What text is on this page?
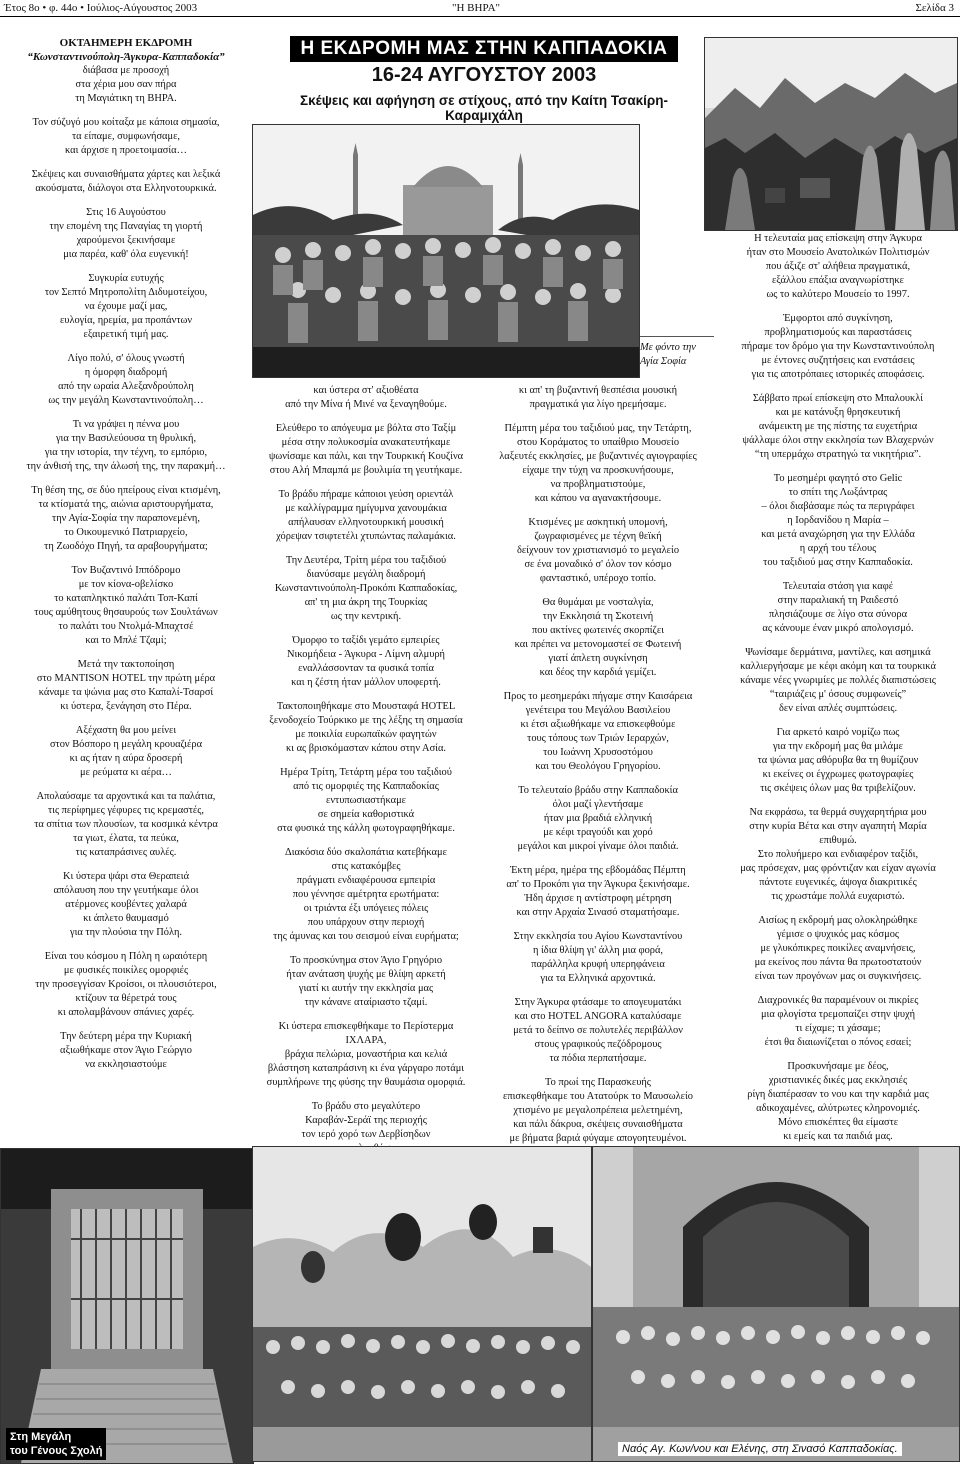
Έτος 8ο • φ. 44ο • Ιούλιος-Αύγουστος 2003	"Η ΒΗΡΑ"	Σελίδα 3
ΟΚΤΑΗΜΕΡΗ ΕΚΔΡΟΜΗ
“Κωνσταντινούπολη-Άγκυρα-Καππαδοκία”

διάβασα με προσοχή
στα χέρια μου σαν πήρα
τη Μαγιάτικη τη ΒΗΡΑ.

Τον σύζυγό μου κοίταξα με κάποια σημασία,
τα είπαμε, συμφωνήσαμε,
και άρχισε η προετοιμασία…

Σκέψεις και συναισθήματα χάρτες και λεξικά
ακούσματα, διάλογοι στα Ελληνοτουρκικά.

Στις 16 Αυγούστου
την επομένη της Παναγίας τη γιορτή
χαρούμενοι ξεκινήσαμε
μια παρέα, καθ' όλα ευγενική!

Συγκυρία ευτυχής
τον Σεπτό Μητροπολίτη Διδυμοτείχου,
να έχουμε μαζί μας,
ευλογία, ηρεμία, μα προπάντων
εξαιρετική τιμή μας.

Λίγο πολύ, σ' όλους γνωστή
η όμορφη διαδρομή
από την ωραία Αλεξανδρούπολη
ως την μεγάλη Κωνσταντινούπολη…

Τι να γράψει η πέννα μου
για την Βασιλεύουσα τη θρυλική,
για την ιστορία, την τέχνη, το εμπόριο,
την άνθισή της, την άλωσή της, την παρακμή…

Τη θέση της, σε δύο ηπείρους είναι κτισμένη,
τα κτίσματά της, αιώνια αριστουργήματα,
την Αγία-Σοφία την παραπονεμένη,
το Οικουμενικό Πατριαρχείο,
τη Ζωοδόχο Πηγή, τα αραβουργήματα;

Τον Βυζαντινό Ιππόδρομο
με τον κίονα-οβελίσκο
το καταπληκτικό παλάτι Τοπ-Καπί
τους αμύθητους θησαυρούς των Σουλτάνων
το παλάτι του Ντολμά-Μπαχτσέ
και το Μπλέ Τζαμί;

Μετά την τακτοποίηση
στο MANTISON HOTEL την πρώτη μέρα
κάναμε τα ψώνια μας στο Καπαλί-Τσαρσί
κι ύστερα, ξενάγηση στο Πέρα.

Αξέχαστη θα μου μείνει
στον Βόσπορο η μεγάλη κρουαζιέρα
κι ας ήταν η αύρα δροσερή
με ρεύματα κι αέρα…

Απολαύσαμε τα αρχοντικά και τα παλάτια,
τις περίφημες γέφυρες τις κρεμαστές,
τα σπίτια των πλουσίων, τα κοσμικά κέντρα
τα γιωτ, έλατα, τα πεύκα,
τις καταπράσινες αυλές.

Κι ύστερα ψάρι στα Θεραπειά
απόλαυση που την γευτήκαμε όλοι
ατέρμονες κουβέντες χαλαρά
κι άπλετο θαυμασμό
για την πλούσια την Πόλη.

Είναι του κόσμου η Πόλη η ωραιότερη
με φυσικές ποικίλες ομορφιές
την προσεγγίσαν Κροίσοι, οι πλουσιότεροι,
κτίζουν τα θέρετρά τους
κι απολαμβάνουν σπάνιες χαρές.

Την δεύτερη μέρα την Κυριακή
αξιωθήκαμε στον Άγιο Γεώργιο
να εκκλησιαστούμε

Η ΕΚΔΡΟΜΗ ΜΑΣ ΣΤΗΝ ΚΑΠΠΑΔΟΚΙΑ
16-24 ΑΥΓΟΥΣΤΟΥ 2003
Σκέψεις και αφήγηση σε στίχους, από την Καίτη Τσακίρη-Καραμιχάλη
Με φόντο την
Αγία Σοφία

και ύστερα στ' αξιοθέατα
από την Μίνα ή Μινέ να ξεναγηθούμε.

Ελεύθερο το απόγευμα με βόλτα στο Ταξίμ
μέσα στην πολυκοσμία ανακατευτήκαμε
ψωνίσαμε και πάλι, και την Τουρκική Κουζίνα
στου Αλή Μπαμπά με βουλιμία τη γευτήκαμε.

Το βράδυ πήραμε κάποιοι γεύση οριεντάλ
με καλλίγραμμα ημίγυμνα χανουμάκια
απήλαυσαν ελληνοτουρκική μουσική
χόρεψαν τσιφτετέλι χτυπώντας παλαμάκια.

Την Δευτέρα, Τρίτη μέρα του ταξιδιού
διανύσαμε μεγάλη διαδρομή
Κωνσταντινούπολη-Προκόπι Καππαδοκίας,
απ' τη μια άκρη της Τουρκίας
ως την κεντρική.

Όμορφο το ταξίδι γεμάτο εμπειρίες
Νικομήδεια - Άγκυρα - Λίμνη αλμυρή
εναλλάσσονταν τα φυσικά τοπία
και η ζέστη ήταν μάλλον υποφερτή.

Τακτοποιηθήκαμε στο Μουσταφά HOTEL
ξενοδοχείο Τούρκικο με της λέξης τη σημασία
με ποικιλία ευρωπαϊκών φαγητών
κι ας βρισκόμασταν κάπου στην Ασία.

Ημέρα Τρίτη, Τετάρτη μέρα του ταξιδιού
από τις ομορφιές της Καππαδοκίας
εντυπωσιαστήκαμε
σε σημεία καθοριστικά
στα φυσικά της κάλλη φωτογραφηθήκαμε.

Διακόσια δύο σκαλοπάτια κατεβήκαμε
στις κατακόμβες
πράγματι ενδιαφέρουσα εμπειρία
που γέννησε αμέτρητα ερωτήματα:
οι τριάντα έξι υπόγειες πόλεις
που υπάρχουν στην περιοχή
της άμυνας και του σεισμού είναι ευρήματα;

Το προσκύνημα στον Άγιο Γρηγόριο
ήταν ανάταση ψυχής με θλίψη αρκετή
γιατί κι αυτήν την εκκλησία μας
την κάνανε αταίριαστο τζαμί.

Κι ύστερα επισκεφθήκαμε το Περίστερμα
ΙΧΛΑΡΑ,
βράχια πελώρια, μοναστήρια και κελιά
βλάστηση καταπράσινη κι ένα γάργαρο ποτάμι
συμπλήρωνε της φύσης την θαυμάσια ομορφιά.

Το βράδυ στο μεγαλύτερο
Καραβάν-Σεράϊ της περιοχής
τον ιερό χορό των Δερβίσηδων

κι απ' τη βυζαντινή θεσπέσια μουσική
πραγματικά για λίγο ηρεμήσαμε.

Πέμπτη μέρα του ταξιδιού μας, την Τετάρτη,
στου Κοράματος το υπαίθριο Μουσείο
λαξευτές εκκλησίες, με βυζαντινές αγιογραφίες
είχαμε την τύχη να προσκυνήσουμε,
να προβληματιστούμε,
και κάπου να αγανακτήσουμε.

Κτισμένες με ασκητική υπομονή,
ζωγραφισμένες με τέχνη θεϊκή
δείχνουν τον χριστιανισμό το μεγαλείο
σε ένα μοναδικό σ' όλον τον κόσμο
φανταστικό, υπέροχο τοπίο.

Θα θυμάμαι με νοσταλγία,
την Εκκλησιά τη Σκοτεινή
που ακτίνες φωτεινές σκορπίζει
και πρέπει να μετονομαστεί σε Φωτεινή
γιατί άπλετη συγκίνηση
και δέος την καρδιά γεμίζει.

Προς το μεσημεράκι πήγαμε στην Καισάρεια
γενέτειρα του Μεγάλου Βασιλείου
κι έτσι αξιωθήκαμε να επισκεφθούμε
τους τόπους των Τριών Ιεραρχών,
του Ιωάννη Χρυσοστόμου
και του Θεολόγου Γρηγορίου.

Το τελευταίο βράδυ στην Καππαδοκία
όλοι μαζί γλεντήσαμε
ήταν μια βραδιά ελληνική
με κέφι τραγούδι και χορό
μεγάλοι και μικροί γίναμε όλοι παιδιά.

Έκτη μέρα, ημέρα της εβδομάδας Πέμπτη
απ' το Προκόπι για την Άγκυρα ξεκινήσαμε.
Ήδη άρχισε η αντίστροφη μέτρηση
και στην Αρχαία Σινασό σταματήσαμε.

Στην εκκλησία του Αγίου Κωνσταντίνου
η ίδια θλίψη γι' άλλη μια φορά,
παράλληλα κρυφή υπερηφάνεια
για τα Ελληνικά αρχοντικά.

Στην Άγκυρα φτάσαμε το απογευματάκι
και στο HOTEL ANGORA καταλύσαμε
μετά το δείπνο σε πολυτελές περιβάλλον
στους γραφικούς πεζόδρομους
τα πόδια περπατήσαμε.

Το πρωί της Παρασκευής
επισκεφθήκαμε του Ατατούρκ το Μαυσωλείο
χτισμένο με μεγαλοπρέπεια μελετημένη,
και πάλι δάκρυα, σκέψεις συναισθήματα
με βήματα βαριά φύγαμε απογοητευμένοι.

Η τελευταία μας επίσκεψη στην Άγκυρα
ήταν στο Μουσείο Ανατολικών Πολιτισμών
που άξιζε στ' αλήθεια πραγματικά,
εξάλλου επάξια αναγνωρίστηκε
ως το καλύτερο Μουσείο το 1997.

Έμφορτοι από συγκίνηση,
προβληματισμούς και παραστάσεις
πήραμε τον δρόμο για την Κωνσταντινούπολη
με έντονες συζητήσεις και ενστάσεις
για τις αποτρόπαιες ιστορικές αποφάσεις.

Σάββατο πρωί επίσκεψη στο Μπαλουκλί
και με κατάνυξη θρησκευτική
ανάμεικτη με της πίστης τα ευχετήρια
ψάλλαμε όλοι στην εκκλησία των Βλαχερνών
“τη υπερμάχω στρατηγώ τα νικητήρια”.

Το μεσημέρι φαγητό στο Gelic
το σπίτι της Λωξάντρας
– όλοι διαβάσαμε πώς τα περιγράφει
η Ιορδανίδου η Μαρία –
και μετά αναχώρηση για την Ελλάδα
η αρχή του τέλους
του ταξιδιού μας στην Καππαδοκία.

Τελευταία στάση για καφέ
στην παραλιακή τη Ραιδεστό
πλησιάζουμε σε λίγο στα σύνορα
ας κάνουμε έναν μικρό απολογισμό.

Ψωνίσαμε δερμάτινα, μαντίλες, και ασημικά
καλλιεργήσαμε με κέφι ακόμη και τα τουρκικά
κάναμε νέες γνωριμίες με πολλές διαπιστώσεις
“ταιριάζεις μ' όσους συμφωνείς”
δεν είναι απλές συμπτώσεις.

Για αρκετό καιρό νομίζω πως
για την εκδρομή μας θα μιλάμε
τα ψώνια μας αθόρυβα θα τη θυμίζουν
κι εκείνες οι έγχρωμες φωτογραφίες
τις σκέψεις όλων μας θα τριβελίζουν.

Να εκφράσω, τα θερμά συγχαρητήρια μου
στην κυρία Βέτα και στην αγαπητή Μαρία
επιθυμώ.
Στο πολυήμερο και ενδιαφέρον ταξίδι,
μας πρόσεχαν, μας φρόντιζαν και είχαν αγωνία
πάντοτε ευγενικές, άψογα διακριτικές
τις χρωστάμε πολλά ευχαριστώ.

Αισίως η εκδρομή μας ολοκληρώθηκε
γέμισε ο ψυχικός μας κόσμος
με γλυκόπικρες ποικίλες αναμνήσεις,
μα εκείνος που πάντα θα πρωτοστατούν
είναι των προγόνων μας οι συγκινήσεις.

Διαχρονικές θα παραμένουν οι πικρίες
μια φλογίστα τρεμοπαίζει στην ψυχή
τι είχαμε; τι χάσαμε;
έτσι θα διαιωνίζεται ο πόνος εσαεί;

Προσκυνήσαμε με δέος,
χριστιανικές δικές μας εκκλησιές
ρίγη διαπέρασαν το νου και την καρδιά μας
αδικοχαμένες, αλύτρωτες κληρονομιές.
Μόνο επισκέπτες θα είμαστε
κι εμείς και τα παιδιά μας.

Στη Μεγάλη
του Γένους Σχολή	Ναός Αγ. Κων/νου και Ελένης, στη Σινασό Καππαδοκίας.
